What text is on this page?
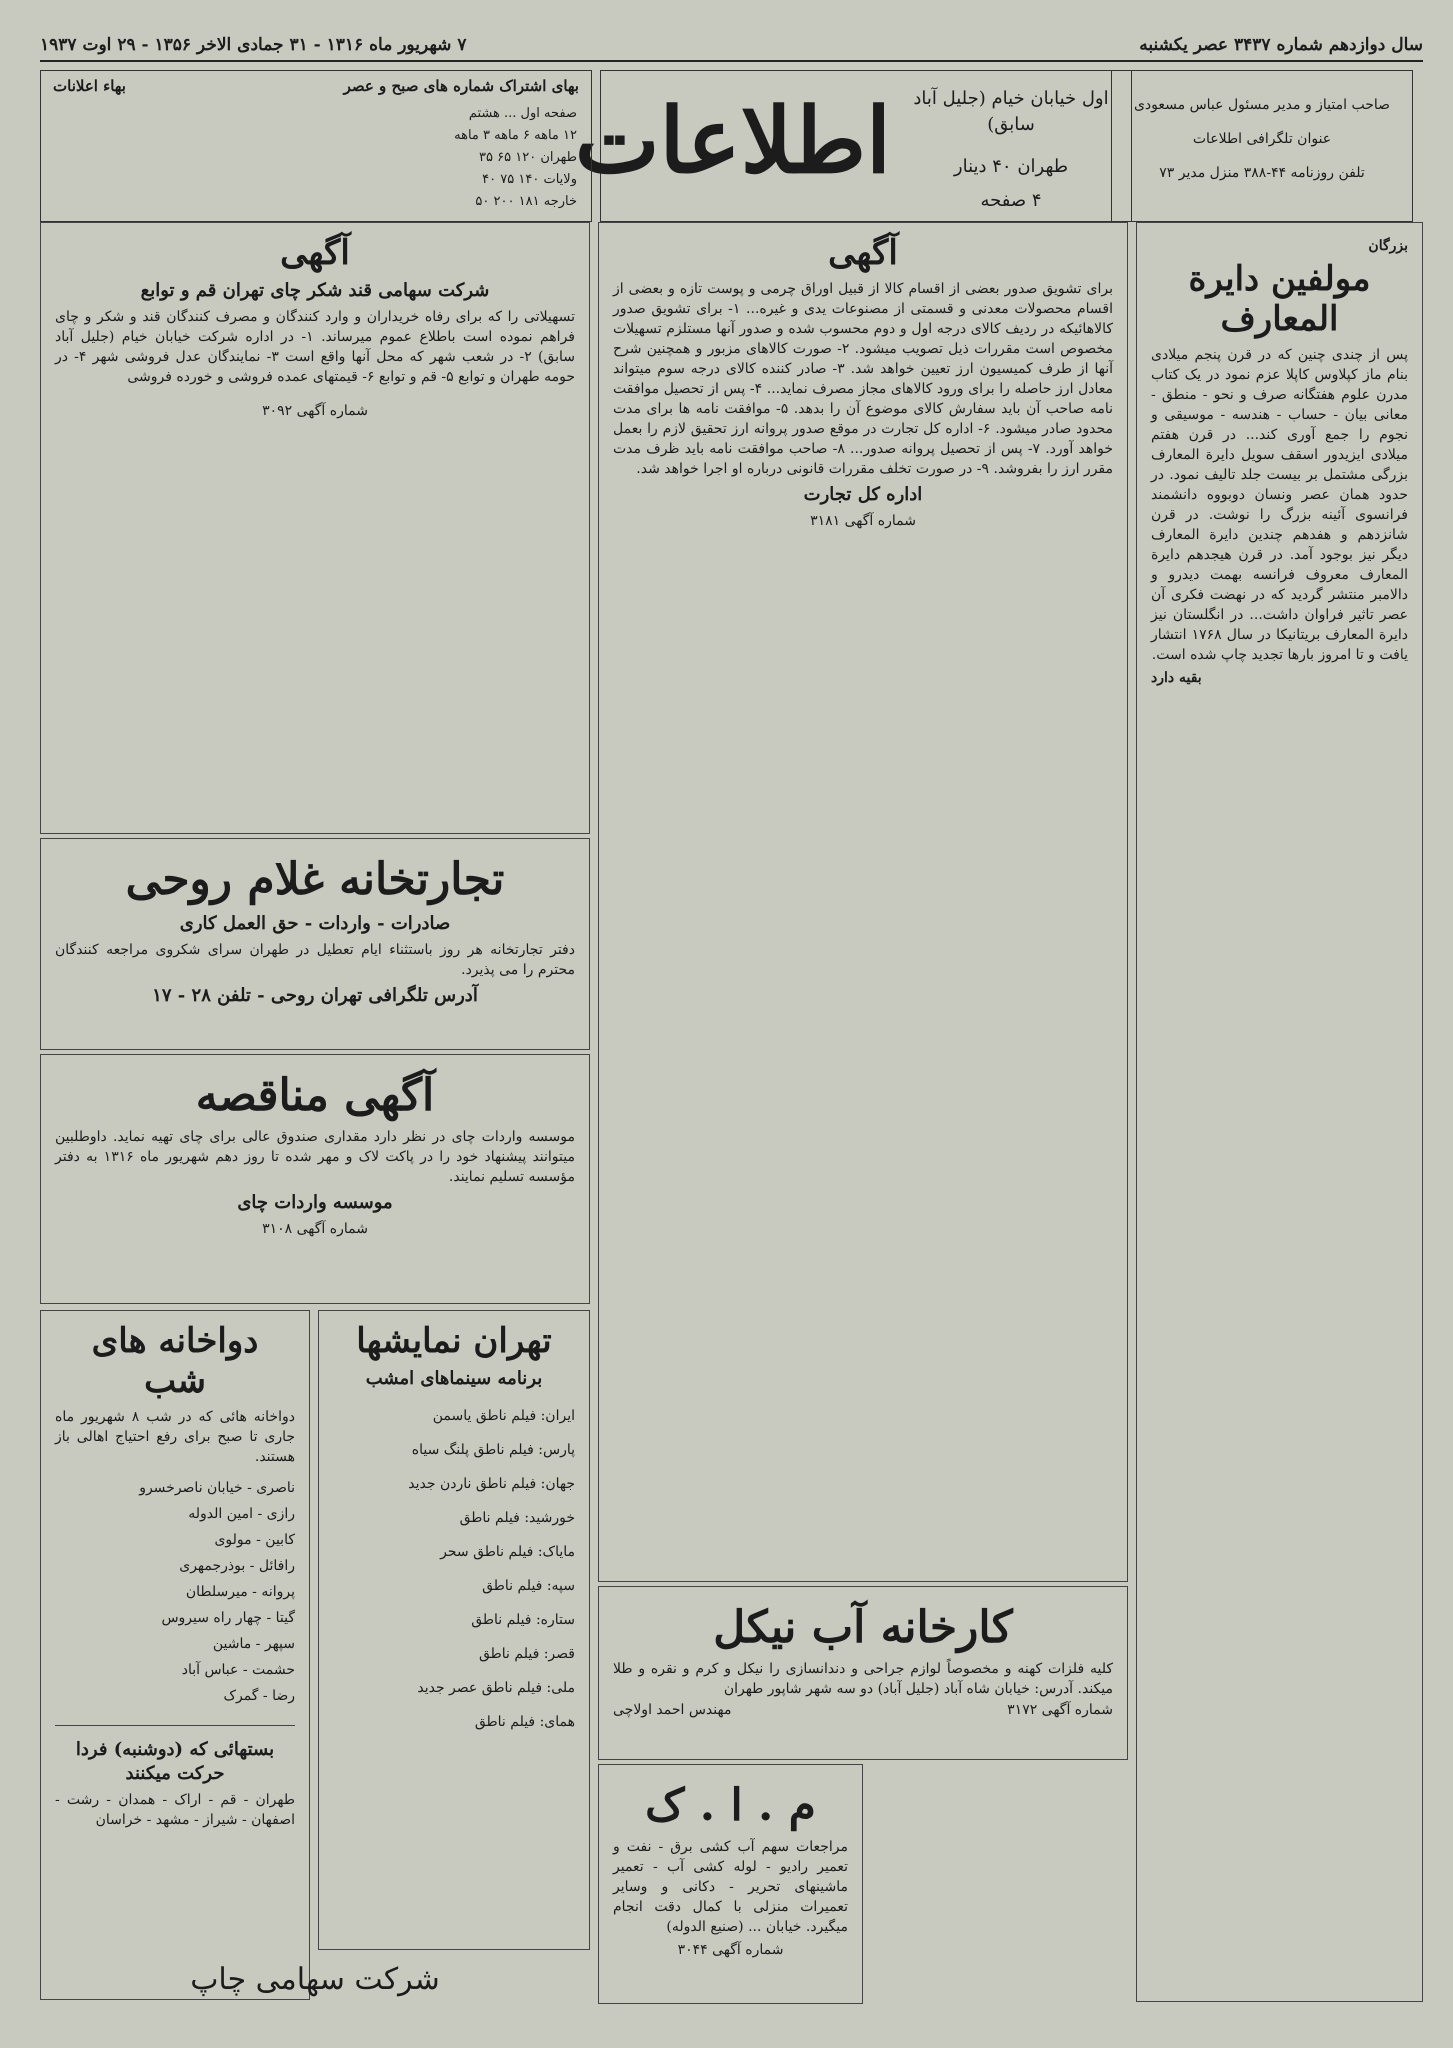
سال دوازدهم شماره ۳۴۳۷ عصر یکشنبه
۷ شهریور ماه ۱۳۱۶ - ۳۱ جمادی الاخر ۱۳۵۶ - ۲۹ اوت ۱۹۳۷

صاحب امتیاز و مدیر مسئول عباس مسعودی

عنوان تلگرافی اطلاعات

تلفن روزنامه ۴۴-۳۸۸ منزل مدیر ۷۳

اطلاعات اول خیابان خیام (جلیل آباد سابق)
طهران ۴۰ دینار
۴ صفحه
بهای اشتراک شماره های صبح و عصر
بهاء اعلانات
صفحه اول ... هشتم
۱۲ ماهه ۶ ماهه ۳ ماهه
طهران ۱۲۰ ۶۵ ۳۵
ولایات ۱۴۰ ۷۵ ۴۰
خارجه ۱۸۱ ۲۰۰ ۵۰
آگهی
شرکت سهامی قند شکر چای تهران قم و توابع

تسهیلاتی را که برای رفاه خریداران و وارد کنندگان و مصرف کنندگان قند و شکر و چای فراهم نموده است باطلاع عموم میرساند. ۱- در اداره شرکت خیابان خیام (جلیل آباد سابق) ۲- در شعب شهر که محل آنها واقع است ۳- نمایندگان عدل فروشی شهر ۴- در حومه طهران و توابع ۵- قم و توابع ۶- قیمتهای عمده فروشی و خورده فروشی

شماره آگهی ۳۰۹۲

تجارتخانه غلام روحی

صادرات - واردات - حق العمل کاری

دفتر تجارتخانه هر روز باستثناء ایام تعطیل در طهران سرای شکروی مراجعه کنندگان محترم را می پذیرد.

آدرس تلگرافی تهران روحی - تلفن ۲۸ - ۱۷

آگهی مناقصه

موسسه واردات چای در نظر دارد مقداری صندوق عالی برای چای تهیه نماید. داوطلبین میتوانند پیشنهاد خود را در پاکت لاک و مهر شده تا روز دهم شهریور ماه ۱۳۱۶ به دفتر مؤسسه تسلیم نمایند.

موسسه واردات چای

شماره آگهی ۳۱۰۸

دواخانه های شب

دواخانه هائی که در شب ۸ شهریور ماه جاری تا صبح برای رفع احتیاج اهالی باز هستند.

ناصری - خیابان ناصرخسرو
رازی - امین الدوله
کابین - مولوی
رافائل - بوذرجمهری
پروانه - میرسلطان
گیتا - چهار راه سیروس
سپهر - ماشین
حشمت - عباس آباد
رضا - گمرک
بستهائی که (دوشنبه) فردا حرکت میکنند

طهران - قم - اراک - همدان - رشت - اصفهان - شیراز - مشهد - خراسان

تهران نمایشها
برنامه سینماهای امشب
ایران: فیلم ناطق یاسمن
پارس: فیلم ناطق پلنگ سیاه
جهان: فیلم ناطق ناردن جدید
خورشید: فیلم ناطق
مایاک: فیلم ناطق سحر
سپه: فیلم ناطق
ستاره: فیلم ناطق
قصر: فیلم ناطق
ملی: فیلم ناطق عصر جدید
همای: فیلم ناطق
شرکت سهامی چاپ
آگهی

برای تشویق صدور بعضی از اقسام کالا از قبیل اوراق چرمی و پوست تازه و بعضی از اقسام محصولات معدنی و قسمتی از مصنوعات یدی و غیره... ۱- برای تشویق صدور کالاهائیکه در ردیف کالای درجه اول و دوم محسوب شده و صدور آنها مستلزم تسهیلات مخصوص است مقررات ذیل تصویب میشود. ۲- صورت کالاهای مزبور و همچنین شرح آنها از طرف کمیسیون ارز تعیین خواهد شد. ۳- صادر کننده کالای درجه سوم میتواند معادل ارز حاصله را برای ورود کالاهای مجاز مصرف نماید... ۴- پس از تحصیل موافقت نامه صاحب آن باید سفارش کالای موضوع آن را بدهد. ۵- موافقت نامه ها برای مدت محدود صادر میشود. ۶- اداره کل تجارت در موقع صدور پروانه ارز تحقیق لازم را بعمل خواهد آورد. ۷- پس از تحصیل پروانه صدور... ۸- صاحب موافقت نامه باید ظرف مدت مقرر ارز را بفروشد. ۹- در صورت تخلف مقررات قانونی درباره او اجرا خواهد شد.

اداره کل تجارت

شماره آگهی ۳۱۸۱

کارخانه آب نیکل

کلیه فلزات کهنه و مخصوصاً لوازم جراحی و دندانسازی را نیکل و کرم و نقره و طلا میکند. آدرس: خیابان شاه آباد (جلیل آباد) دو سه شهر شاپور طهران

شماره آگهی ۳۱۷۲
مهندس احمد اولاچی

م . ا . ک

مراجعات سهم آب کشی برق - نفت و تعمیر رادیو - لوله کشی آب - تعمیر ماشینهای تحریر - دکانی و وسایر تعمیرات منزلی با کمال دقت انجام میگیرد. خیابان ... (صنیع الدوله)

شماره آگهی ۳۰۴۴

بزرگان

مولفین دایرة المعارف

پس از چندی چنین که در قرن پنجم میلادی بنام ماز کپلاوس کاپلا عزم نمود در یک کتاب مدرن علوم هفتگانه صرف و نحو - منطق - معانی بیان - حساب - هندسه - موسیقی و نجوم را جمع آوری کند... در قرن هفتم میلادی ایزیدور اسقف سویل دایرة المعارف بزرگی مشتمل بر بیست جلد تالیف نمود. در حدود همان عصر ونسان دوبووه دانشمند فرانسوی آئینه بزرگ را نوشت. در قرن شانزدهم و هفدهم چندین دایرة المعارف دیگر نیز بوجود آمد. در قرن هیجدهم دایرة المعارف معروف فرانسه بهمت دیدرو و دالامبر منتشر گردید که در نهضت فکری آن عصر تاثیر فراوان داشت... در انگلستان نیز دایرة المعارف بریتانیکا در سال ۱۷۶۸ انتشار یافت و تا امروز بارها تجدید چاپ شده است.

بقیه دارد
